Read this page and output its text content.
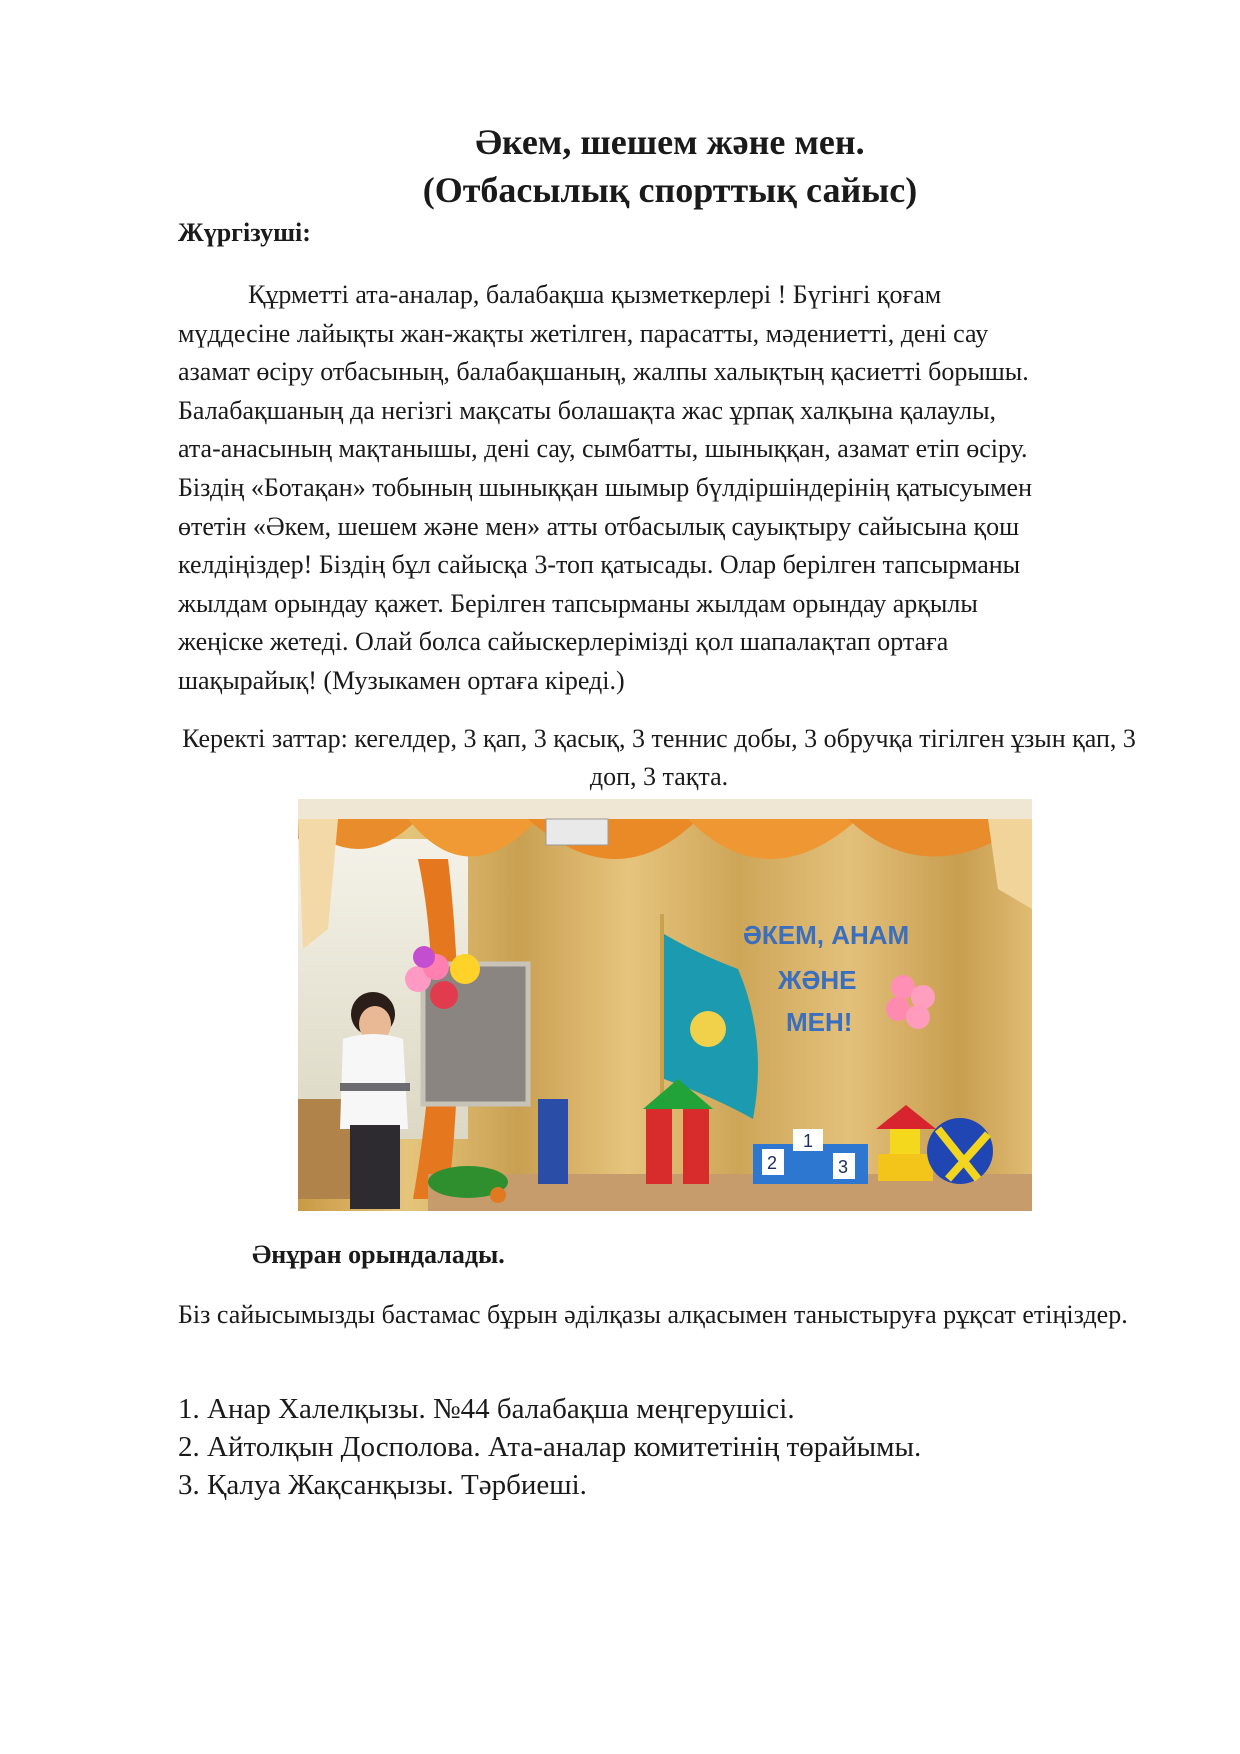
Әкем, шешем және мен.
(Отбасылық спорттық сайыс)
Жүргізуші:
Құрметті ата-аналар, балабақша қызметкерлері ! Бүгінгі қоғам
мүддесіне лайықты жан-жақты жетілген, парасатты, мәдениетті, дені сау
азамат өсіру отбасының, балабақшаның, жалпы халықтың қасиетті борышы.
Балабақшаның да негізгі мақсаты болашақта жас ұрпақ халқына қалаулы,
ата-анасының мақтанышы, дені сау, сымбатты, шыныққан, азамат етіп өсіру.
Біздің «Ботақан» тобының шыныққан шымыр бүлдіршіндерінің қатысуымен
өтетін «Әкем, шешем және мен» атты отбасылық сауықтыру сайысына қош
келдіңіздер! Біздің бұл сайысқа 3-топ қатысады. Олар берілген тапсырманы
жылдам орындау қажет. Берілген тапсырманы жылдам орындау арқылы
жеңіске жетеді. Олай болса сайыскерлерімізді қол шапалақтап ортаға
шақырайық! (Музыкамен ортаға кіреді.)
Керекті заттар: кегелдер, 3 қап, 3 қасық, 3 теннис добы, 3 обручқа тігілген ұзын қап, 3 доп, 3 тақта.
ӘКЕМ, АНАМ
ЖӘНЕ
МЕН!
1
2	3
Әнұран орындалады.
Біз сайысымызды бастамас бұрын әділқазы алқасымен таныстыруға рұқсат етіңіздер.
1. Анар Халелқызы. №44 балабақша меңгерушісі.
2. Айтолқын Досполова. Ата-аналар комитетінің төрайымы.
3. Қалуа Жақсанқызы. Тәрбиеші.
